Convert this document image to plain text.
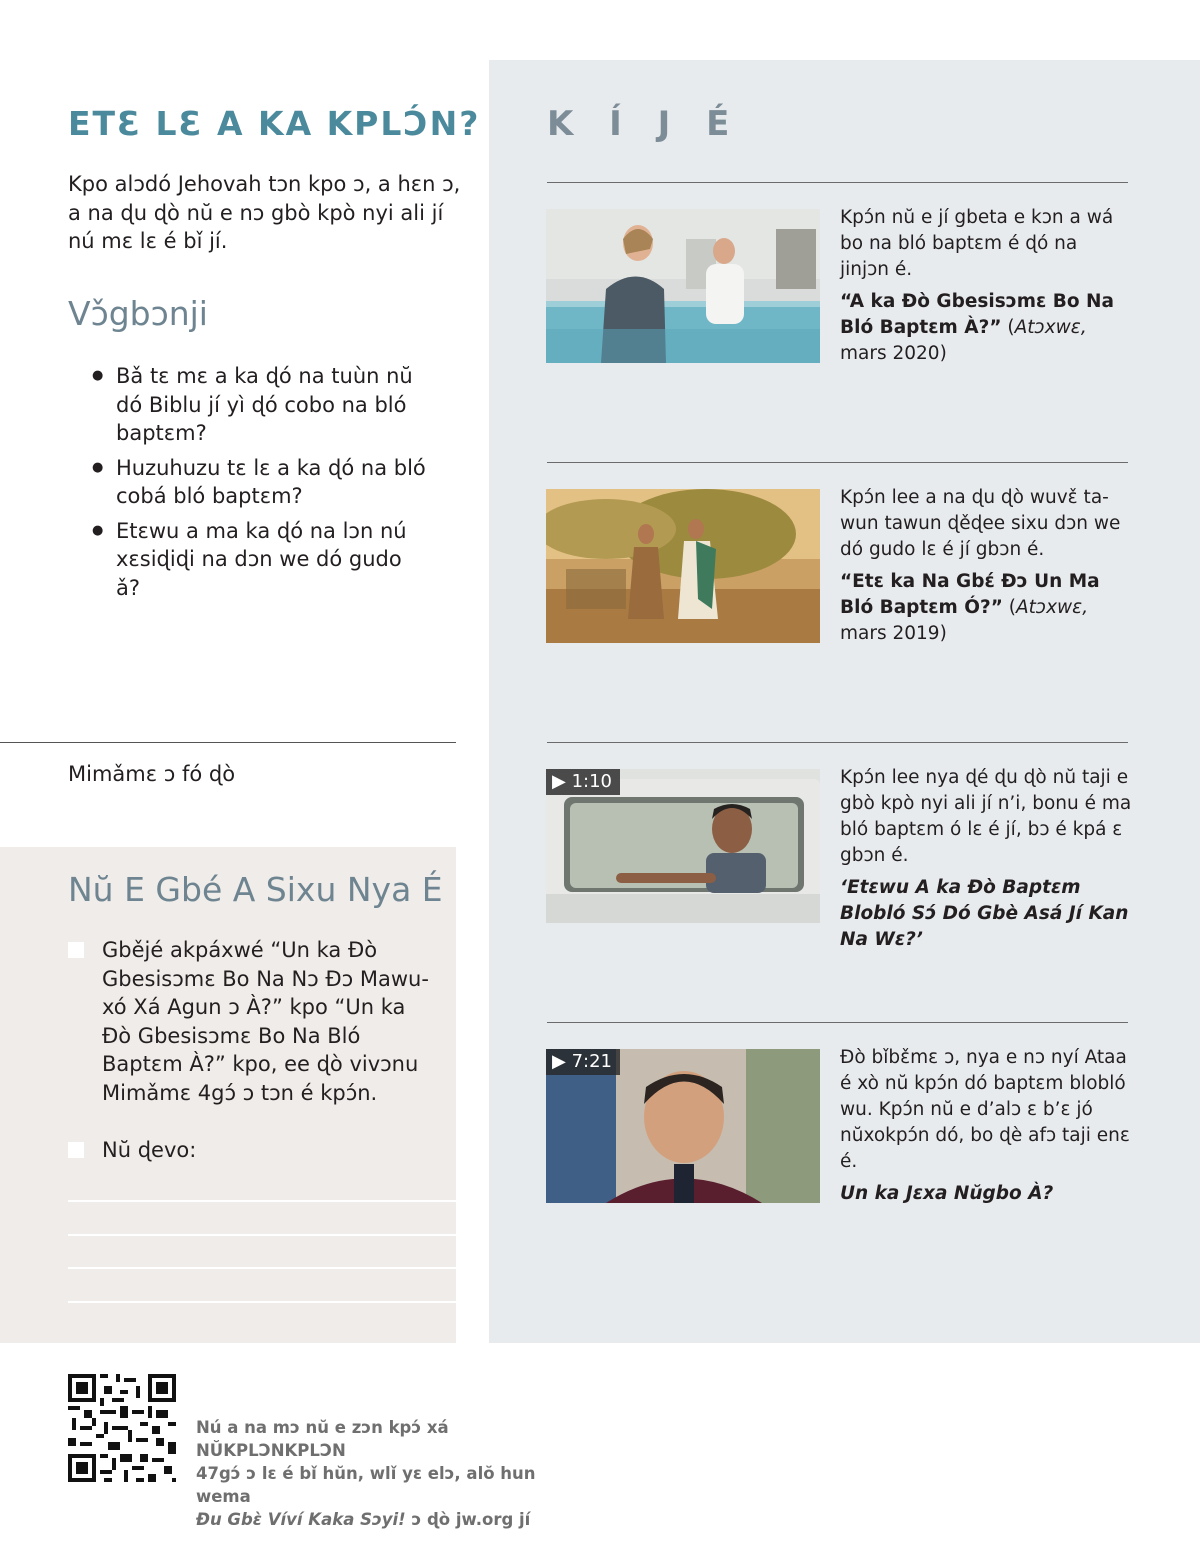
ETƐ LƐ A KA KPLƆ́N?

Kpo alɔdó Jehovah tɔn kpo ɔ, a hɛn ɔ, a na ɖu ɖò nŭ e nɔ gbò kpò nyi ali jí nú mɛ lɛ é bǐ jí.

Vɔ̌gbɔnji
● Bǎ tɛ mɛ a ka ɖó na tuùn nŭ dó Biblu jí yì ɖó cobo na bló baptɛm?
● Huzuhuzu tɛ lɛ a ka ɖó na bló cobá bló baptɛm?
● Etɛwu a ma ka ɖó na lɔn nú xɛsiɖiɖi na dɔn we dó gudo ǎ?
Mimǎmɛ ɔ fó ɖò
Nŭ E Gbé A Sixu Nya É
Gbějé akpáxwé “Un ka Ðò Gbesisɔmɛ Bo Na Nɔ Ðɔ Mawu-xó Xá Agun ɔ À?” kpo “Un ka Ðò Gbesisɔmɛ Bo Na Bló Baptɛm À?” kpo, ee ɖò vivɔnu Mimǎmɛ 4gɔ́ ɔ tɔn é kpɔ́n.
Nŭ ɖevo:
K Í J É

Kpɔ́n nŭ e jí gbeta e kɔn a wá bo na bló baptɛm é ɖó na jinjɔn é.

“A ka Ðò Gbesisɔmɛ Bo Na Bló Baptɛm À?” (Atɔxwɛ, mars 2020)

Kpɔ́n lee a na ɖu ɖò wuvɛ̌ ta-wun tawun ɖěɖee sixu dɔn we dó gudo lɛ é jí gbɔn é.

“Etɛ ka Na Gbɛ́ Ðɔ Un Ma Bló Baptɛm Ó?” (Atɔxwɛ, mars 2019)

▶ 1:10	Kpɔ́n lee nya ɖé ɖu ɖò nŭ taji e gbò kpò nyi ali jí n’i, bonu é ma bló baptɛm ó lɛ é jí, bɔ é kpá ɛ gbɔn é.

‘Etɛwu A ka Ðò Baptɛm Blobló Sɔ́ Dó Gbè Asá Jí Kan Na Wɛ?’

▶ 7:21	Ðò bǐbɛ̌mɛ ɔ, nya e nɔ nyí Ataa é xò nŭ kpɔ́n dó baptɛm blobló wu. Kpɔ́n nŭ e d’alɔ ɛ b’ɛ jó nŭxokpɔ́n dó, bo ɖè afɔ taji enɛ é.

Un ka Jɛxa Nŭgbo À?

Nú a na mɔ nŭ e zɔn kpɔ́ xá NŬKPLƆNKPLƆN
47gɔ́ ɔ lɛ é bǐ hŭn, wlǐ yɛ elɔ, alŏ hun wema
Ðu Gbɛ̀ Víví Kaka Sɔyi! ɔ ɖò jw.org jí
